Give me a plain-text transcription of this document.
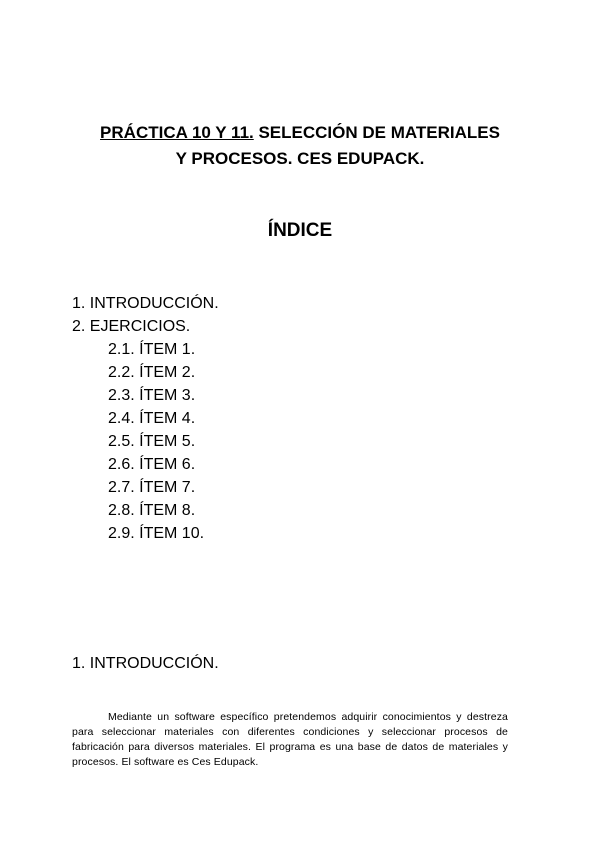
PRÁCTICA 10 Y 11. SELECCIÓN DE MATERIALES
Y PROCESOS. CES EDUPACK.
ÍNDICE
1. INTRODUCCIÓN.
2. EJERCICIOS.
2.1. ÍTEM 1.
2.2. ÍTEM 2.
2.3. ÍTEM 3.
2.4. ÍTEM 4.
2.5. ÍTEM 5.
2.6. ÍTEM 6.
2.7. ÍTEM 7.
2.8. ÍTEM 8.
2.9. ÍTEM 10.
1. INTRODUCCIÓN.

Mediante un software específico pretendemos adquirir conocimientos y destreza para seleccionar materiales con diferentes condiciones y seleccionar procesos de fabricación para diversos materiales. El programa es una base de datos de materiales y procesos. El software es Ces Edupack.
